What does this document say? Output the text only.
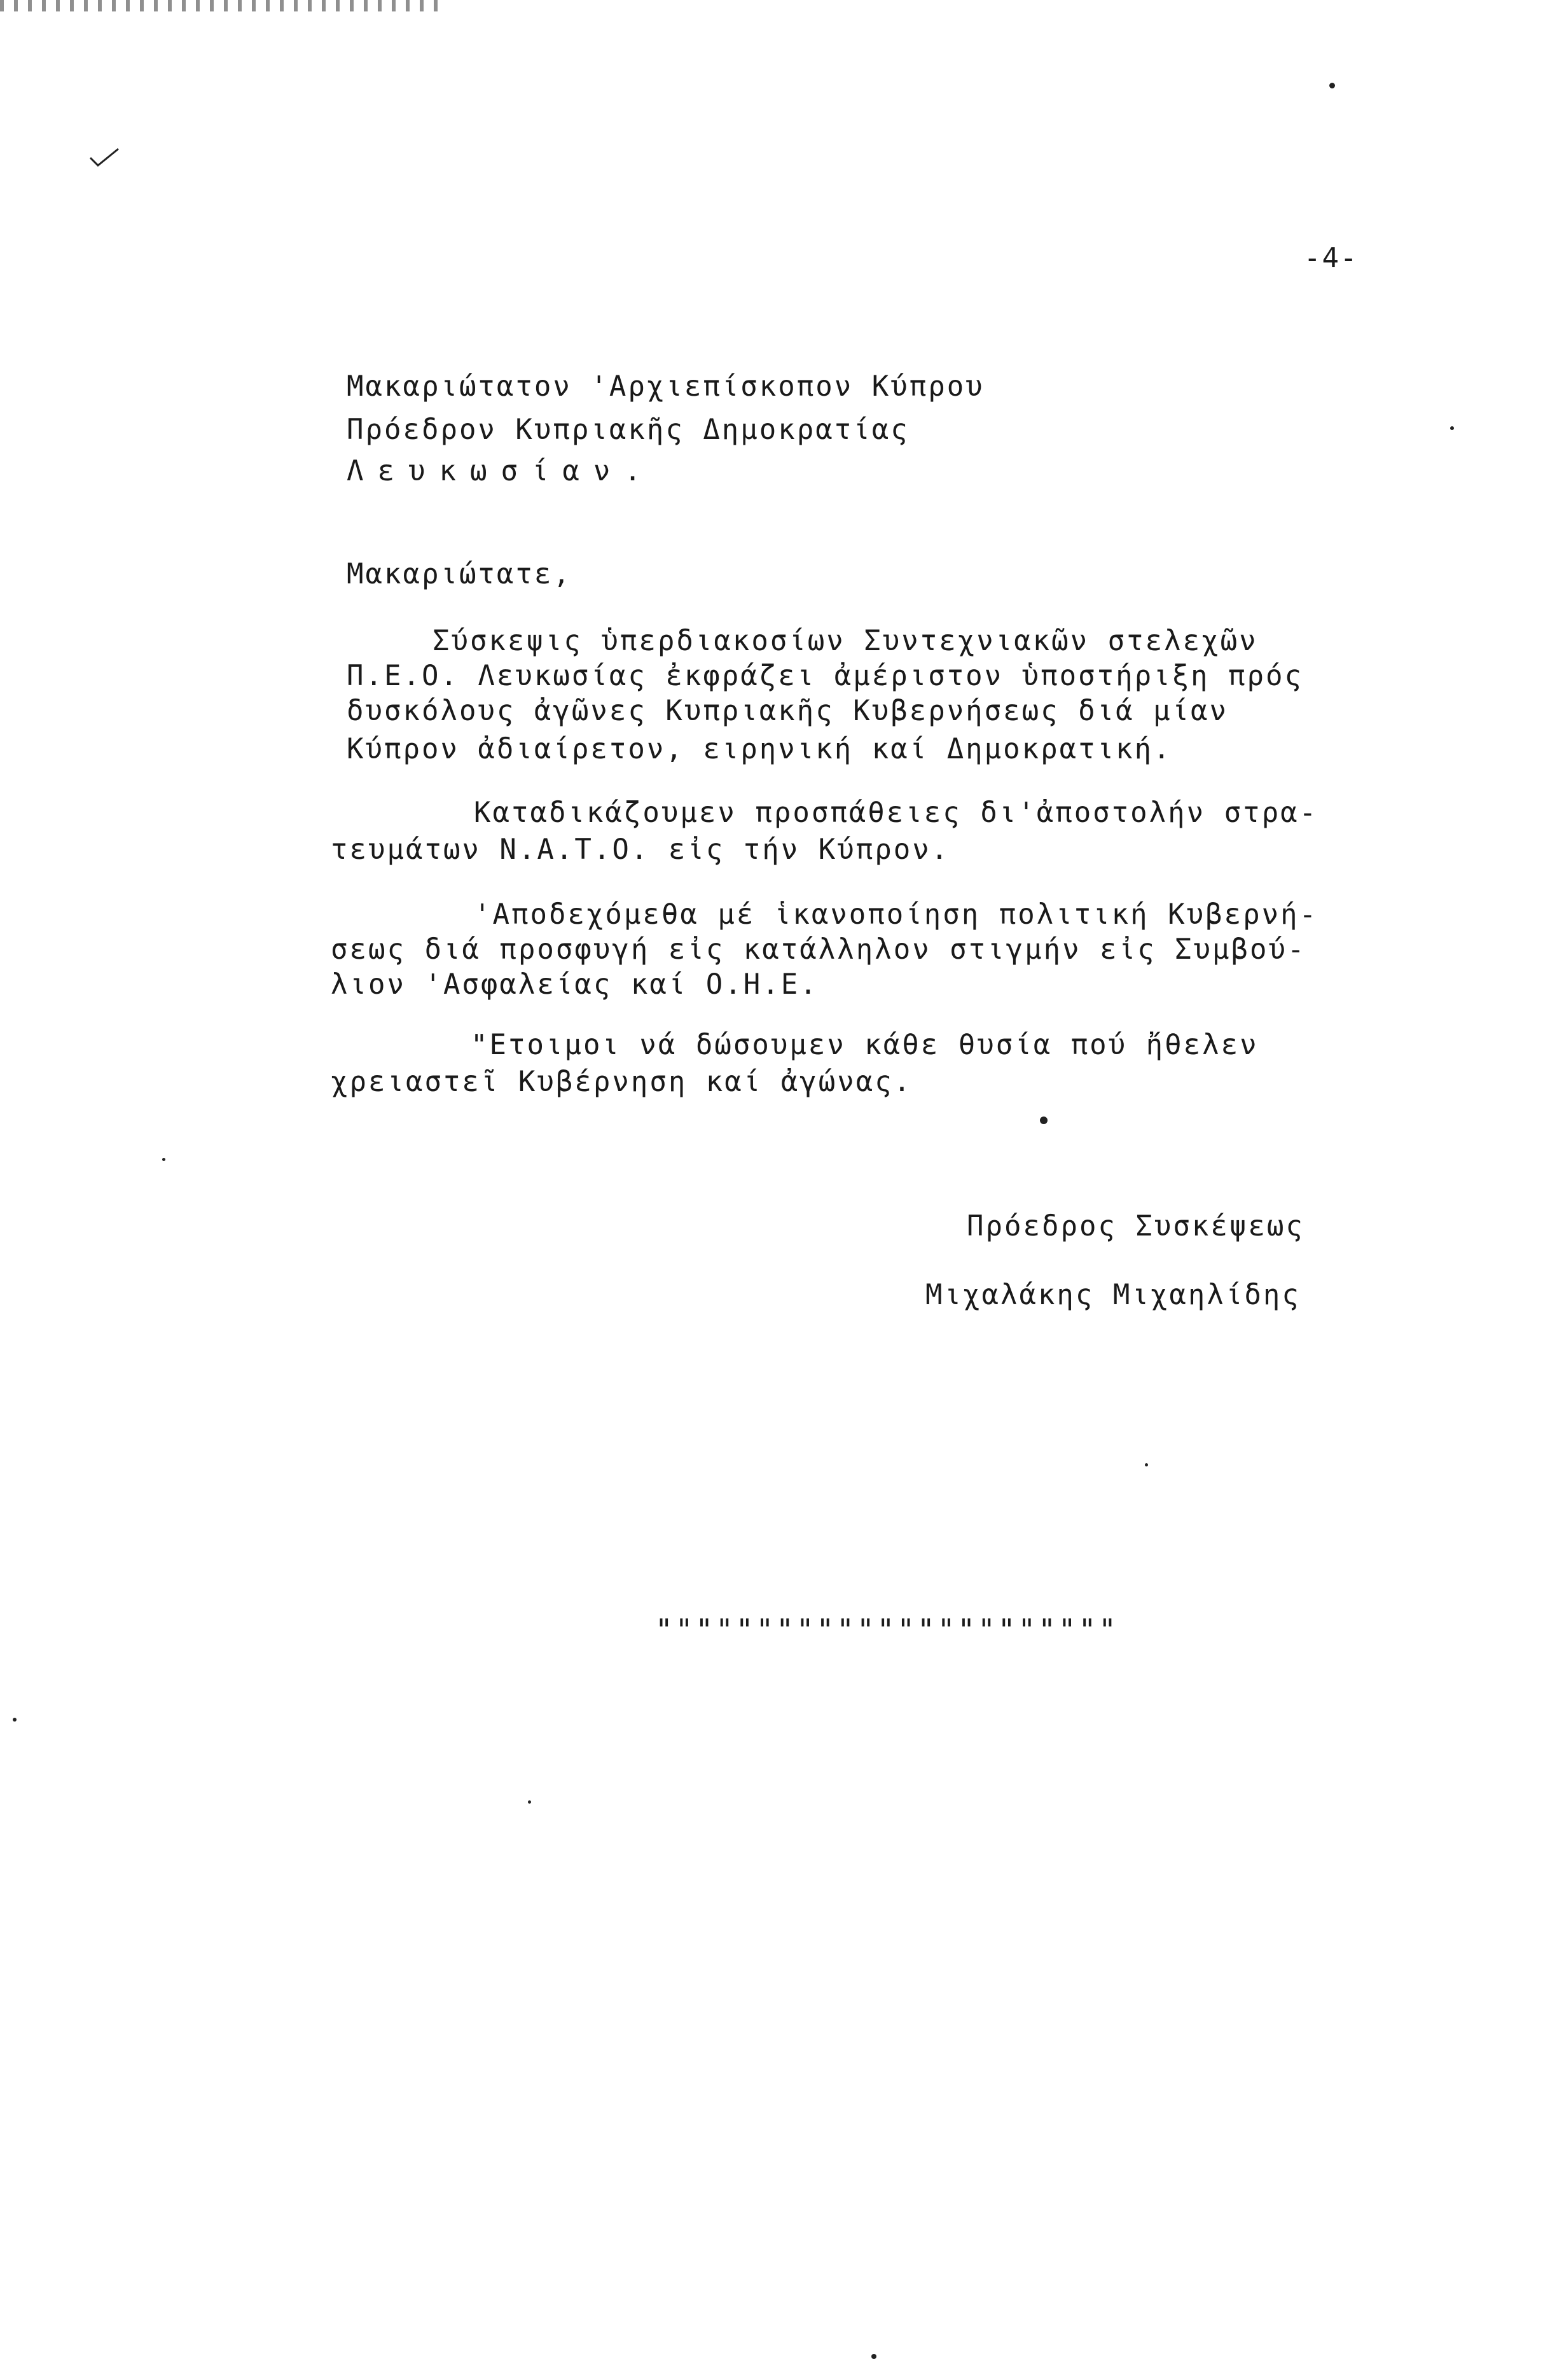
-4-
Μακαριώτατον 'Αρχιεπίσκοπον Κύπρου
Πρόεδρον Κυπριακῆς Δημοκρατίας
Λευκωσίαν.
Μακαριώτατε,
Σύσκεψις ὑπερδιακοσίων Συντεχνιακῶν στελεχῶν
Π.Ε.Ο. Λευκωσίας ἐκφράζει ἀμέριστον ὑποστήριξη πρός
δυσκόλους ἀγῶνες Κυπριακῆς Κυβερνήσεως διά μίαν
Κύπρον ἀδιαίρετον, ειρηνική καί Δημοκρατική.
Καταδικάζουμεν προσπάθειες δι'ἀποστολήν στρα-
τευμάτων Ν.Α.Τ.Ο. εἰς τήν Κύπρον.
'Αποδεχόμεθα μέ ἱκανοποίηση πολιτική Κυβερνή-
σεως διά προσφυγή εἰς κατάλληλον στιγμήν εἰς Συμβού-
λιον 'Ασφαλείας καί Ο.Η.Ε.
"Ετοιμοι νά δώσουμεν κάθε θυσία πού ἤθελεν
χρειαστεῖ Κυβέρνηση καί ἀγώνας.
Πρόεδρος Συσκέψεως
Μιχαλάκης Μιχαηλίδης
"""""""""""""""""""""""
